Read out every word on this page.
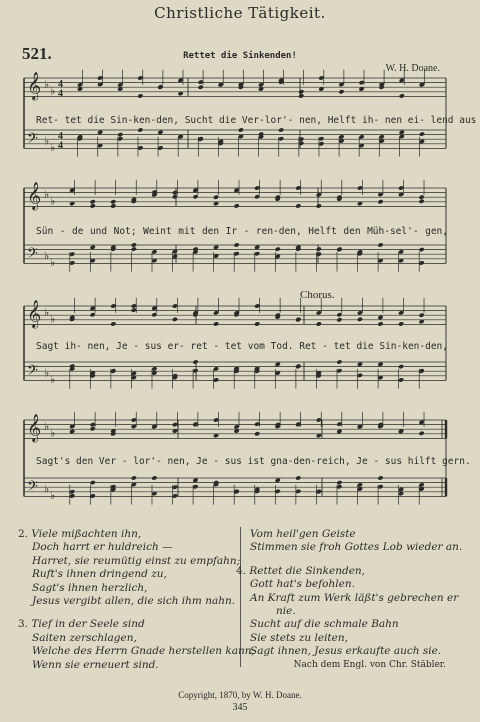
Christliche Tätigkeit.
521.	Rettet die Sinkenden!
W. H. Doane.
Chorus.
𝄞 ♭ ♭ 4
4
𝄢 ♭ ♭
4
4
𝄞 ♭ ♭
𝄢 ♭ ♭
𝄞 ♭ ♭
𝄢 ♭ ♭
𝄞 ♭ ♭
𝄢 ♭ ♭
Ret- tet die Sin-ken-den, Sucht die Ver-lor'- nen, Helft ih- nen ei- lend aus
Sün - de und Not; Weint mit den Ir - ren-den, Helft den Müh-sel'- gen,
Sagt ih- nen, Je - sus er- ret - tet vom Tod. Ret - tet die Sin-ken-den,
Sagt's den Ver - lor'- nen, Je - sus ist gna-den-reich, Je - sus hilft gern.
2. Viele mißachten ihn,
Doch harrt er huldreich —
Harret, sie reumütig einst zu empfahn;
Ruft's ihnen dringend zu,
Sagt's ihnen herzlich,
Jesus vergibt allen, die sich ihm nahn.
3. Tief in der Seele sind
Saiten zerschlagen,
Welche des Herrn Gnade herstellen kann;
Wenn sie erneuert sind.
Vom heil'gen Geiste
Stimmen sie froh Gottes Lob wieder an.
4. Rettet die Sinkenden,
Gott hat's befohlen.
An Kraft zum Werk läßt's gebrechen er
nie.
Sucht auf die schmale Bahn
Sie stets zu leiten,
Sagt ihnen, Jesus erkaufte auch sie.
Nach dem Engl. von Chr. Stäbler.
Copyright, 1870, by W. H. Doane.
345
